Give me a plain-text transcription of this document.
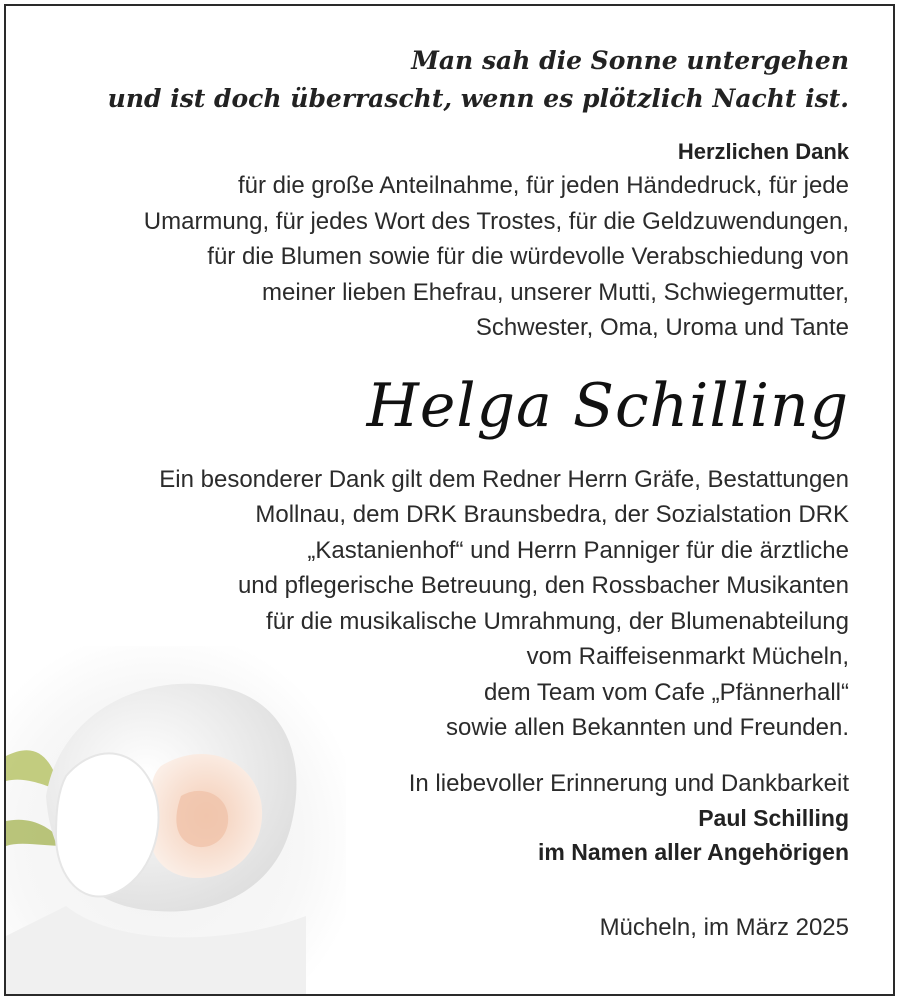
Man sah die Sonne untergehen
und ist doch überrascht, wenn es plötzlich Nacht ist.
Herzlichen Dank
für die große Anteilnahme, für jeden Händedruck, für jede
Umarmung, für jedes Wort des Trostes, für die Geldzuwendungen,
für die Blumen sowie für die würdevolle Verabschiedung von
meiner lieben Ehefrau, unserer Mutti, Schwiegermutter,
Schwester, Oma, Uroma und Tante
Helga Schilling
Ein besonderer Dank gilt dem Redner Herrn Gräfe, Bestattungen
Mollnau, dem DRK Braunsbedra, der Sozialstation DRK
„Kastanienhof“ und Herrn Panniger für die ärztliche
und pflegerische Betreuung, den Rossbacher Musikanten
für die musikalische Umrahmung, der Blumenabteilung
vom Raiffeisenmarkt Mücheln,
dem Team vom Cafe „Pfännerhall“
sowie allen Bekannten und Freunden.
In liebevoller Erinnerung und Dankbarkeit
Paul Schilling
im Namen aller Angehörigen
Mücheln, im März 2025
